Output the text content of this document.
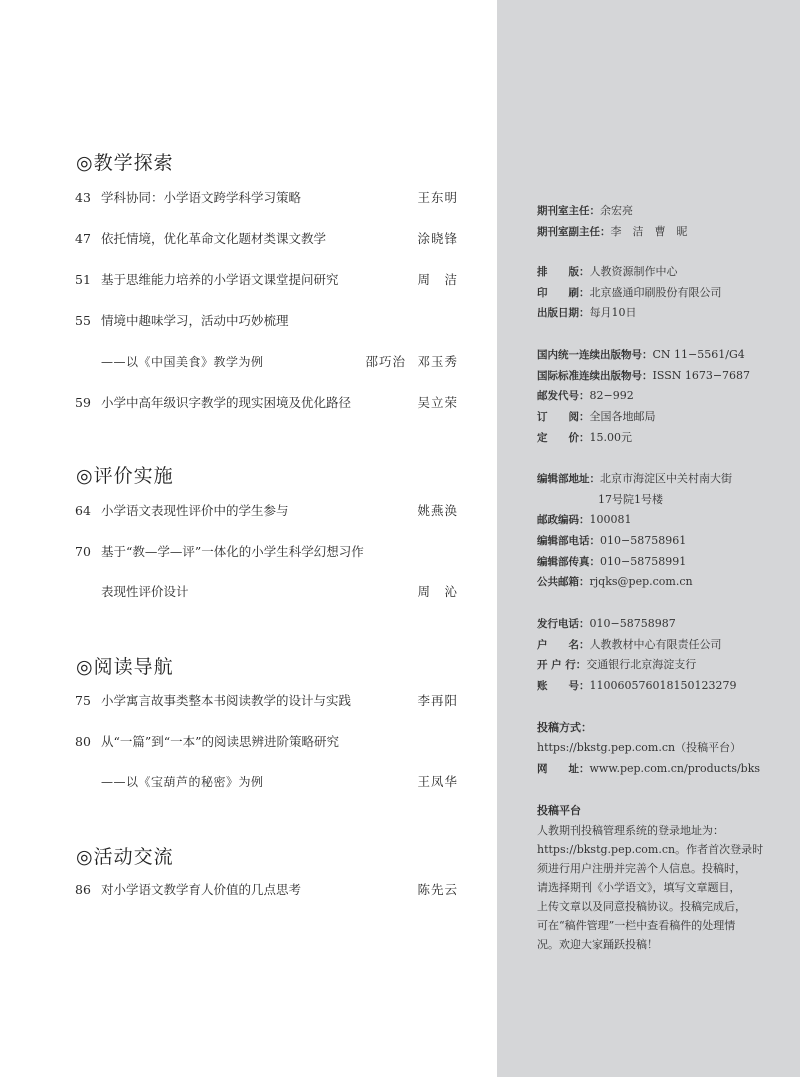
◎教学探索
43 学科协同：小学语文跨学科学习策略	王东明
47 依托情境，优化革命文化题材类课文教学	涂晓锋
51 基于思维能力培养的小学语文课堂提问研究	周　洁
55 情境中趣味学习，活动中巧妙梳理
——以《中国美食》教学为例	邵巧治 邓玉秀
59 小学中高年级识字教学的现实困境及优化路径	吴立荣
◎评价实施
64 小学语文表现性评价中的学生参与	姚燕涣
70 基于“教—学—评”一体化的小学生科学幻想习作
表现性评价设计	周　沁
◎阅读导航
75 小学寓言故事类整本书阅读教学的设计与实践	李再阳
80 从“一篇”到“一本”的阅读思辨进阶策略研究
——以《宝葫芦的秘密》为例	王凤华
◎活动交流
86 对小学语文教学育人价值的几点思考	陈先云
期刊室主任：余宏亮
期刊室副主任：李　洁　曹　昵
排　　版：人教资源制作中心
印　　刷：北京盛通印刷股份有限公司
出版日期：每月10日
国内统一连续出版物号：CN 11−5561/G4
国际标准连续出版物号：ISSN 1673−7687
邮发代号：82−992
订　　阅：全国各地邮局
定　　价：15.00元
编辑部地址：北京市海淀区中关村南大街
17号院1号楼
邮政编码：100081
编辑部电话：010−58758961
编辑部传真：010−58758991
公共邮箱：rjqks@pep.com.cn
发行电话：010−58758987
户　　名：人教教材中心有限责任公司
开 户 行：交通银行北京海淀支行
账　　号：110060576018150123279
投稿方式：
https://bkstg.pep.com.cn（投稿平台）
网　　址：www.pep.com.cn/products/bks
投稿平台
人教期刊投稿管理系统的登录地址为：
https://bkstg.pep.com.cn。作者首次登录时
须进行用户注册并完善个人信息。投稿时，
请选择期刊《小学语文》，填写文章题目，
上传文章以及同意投稿协议。投稿完成后，
可在“稿件管理”一栏中查看稿件的处理情
况。欢迎大家踊跃投稿！
